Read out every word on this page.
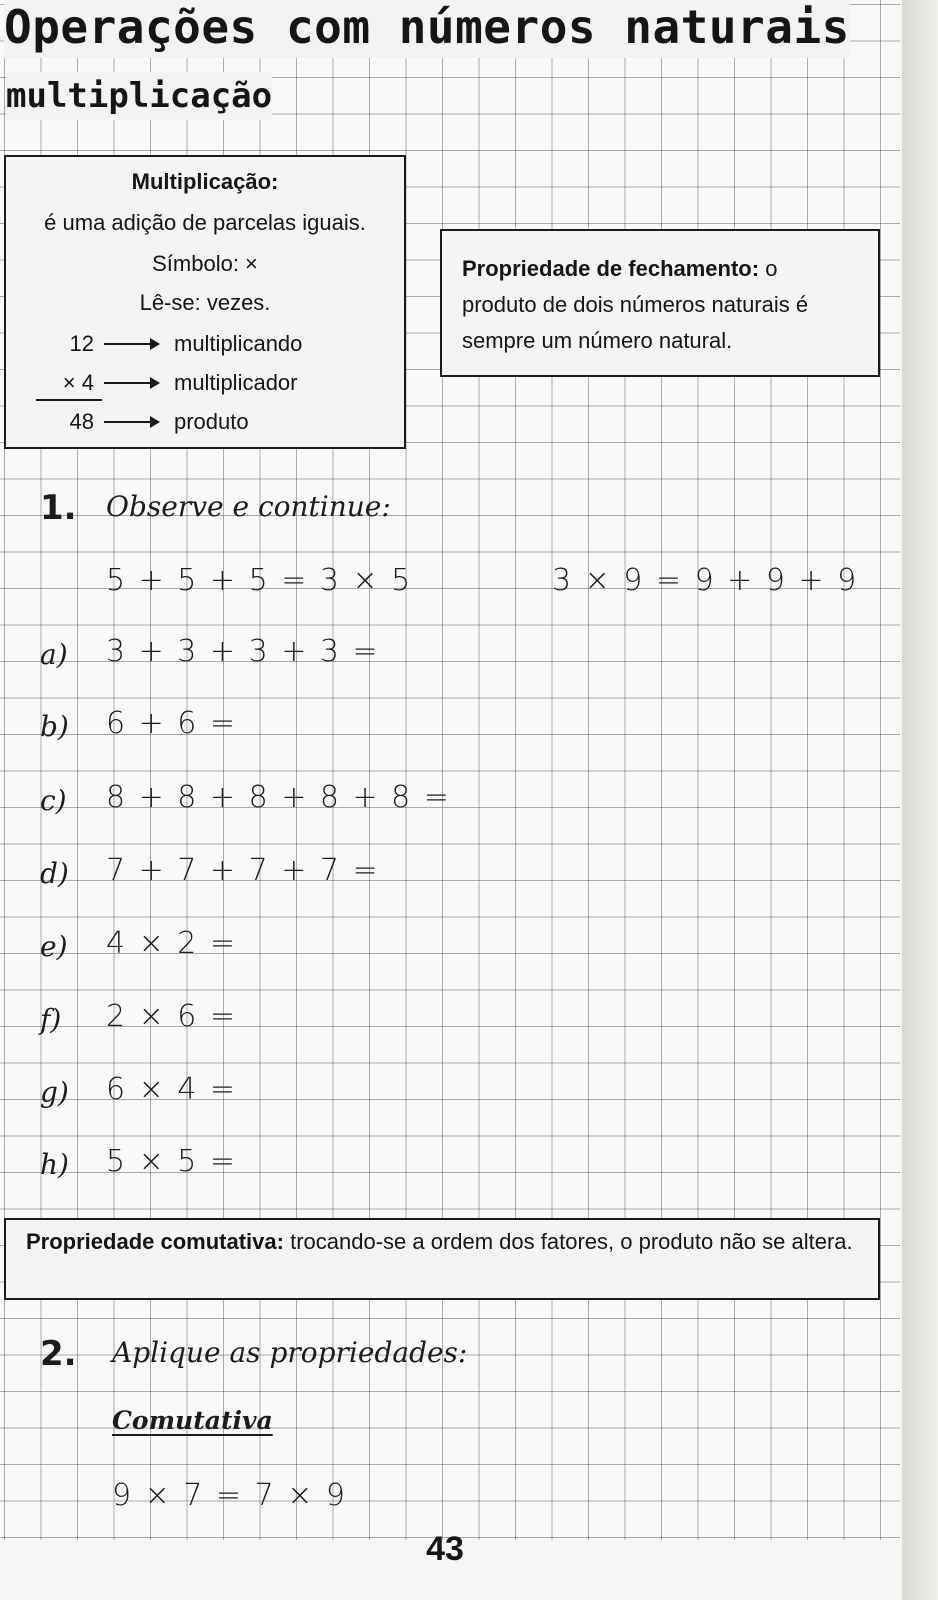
Operações com números naturais
multiplicação
Multiplicação:
é uma adição de parcelas iguais.
Símbolo: ×
Lê-se: vezes.
12	multiplicando
× 4	multiplicador
48	produto
Propriedade de fechamento: o produto de dois números naturais é sempre um número natural.
1. Observe e continue:
5 + 5 + 5 = 3 × 5	3 × 9 = 9 + 9 + 9
a) 3 + 3 + 3 + 3 =
b) 6 + 6 =
c) 8 + 8 + 8 + 8 + 8 =
d) 7 + 7 + 7 + 7 =
e) 4 × 2 =
f) 2 × 6 =
g) 6 × 4 =
h) 5 × 5 =
Propriedade comutativa: trocando-se a ordem dos fatores, o produto não se altera.
2. Aplique as propriedades:
Comutativa
9 × 7 = 7 × 9
43
